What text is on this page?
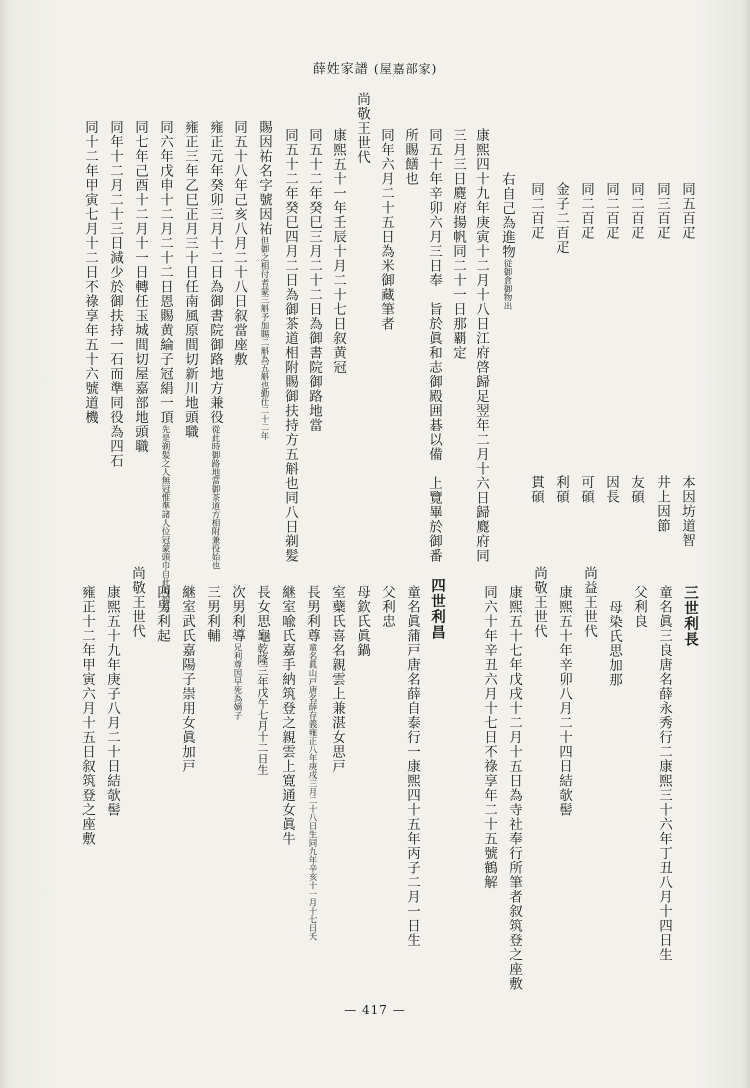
薛姓家譜 (屋嘉部家)
同五百疋
本因坊道智
同三百疋
井上因節
同二百疋
友碩
同二百疋
因長
同二百疋
可碩
金子二百疋
利碩
同二百疋
貫碩
右自己為進物従御倉御物出
康煕四十九年庚寅十二月十八日江府啓歸足翌年二月十六日歸麑府同
三月三日麑府揚帆同二十一日那覇定
同五十年辛卯六月三日奉　旨於眞和志御殿囲碁以備　上覽畢於御番
所賜饍也
同年六月二十五日為米御藏筆者
尚敬王世代
康煕五十一年壬辰十月二十七日叙黄冠
同五十二年癸巳三月二十二日為御書院御路地當
同五十二年癸巳四月二日為御茶道相附賜御扶持方五斛也同八日剃髪
賜因祐名字號因祐但御之相付者蒙三斛予加賜二斛為五斛也勤仕二十二年
同五十八年己亥八月二十八日叙當座敷
雍正元年癸卯三月十二日為御書院御路地方兼役從此時御路地當御茶道方相附兼役始也
雍正三年乙巳正月三十日任南風原間切新川地頭職
同六年戊申十二月二十二日恩賜黄綸子冠絹一頂先是剃髪之人無冠惟準諸人位冠蒙頭巾自此時始矣
同七年己酉十二月十一日轉任玉城間切屋嘉部地頭職
同年十二月二十三日減少於御扶持一石而準同役為四石
同十二年甲寅七月十二日不祿享年五十六號道機
三世利長
童名眞三良唐名薛永秀行二康煕三十六年丁丑八月十四日生
父利良
母染氏思加那
尚益王世代
康煕五十年辛卯八月二十四日結欹髻
尚敬王世代
康煕五十七年戊戌十二月十五日為寺社奉行所筆者叙筑登之座敷
同六十年辛丑六月十七日不祿享年二十五號鶴解
四世利昌
童名眞蒲戸唐名薛自泰行一康煕四十五年丙子二月一日生
父利忠
母欽氏眞鍋
室蘗氏喜名親雲上兼湛女思戸
長男利尊童名眞山戸唐名薛存義雍正八年庚戌三月二十八日生同九年辛亥十一月十七日夭
継室喩氏嘉手納筑登之親雲上寛通女眞牛
長女思龜乾隆三年戊午七月十二日生
次男利導兄利尊因早死為嫡子
三男利輔
継室武氏嘉陽子崇用女眞加戸
四男利起
尚敬王世代
康煕五十九年庚子八月二十日結欹髻
雍正十二年甲寅六月十五日叙筑登之座敷
— 417 —
